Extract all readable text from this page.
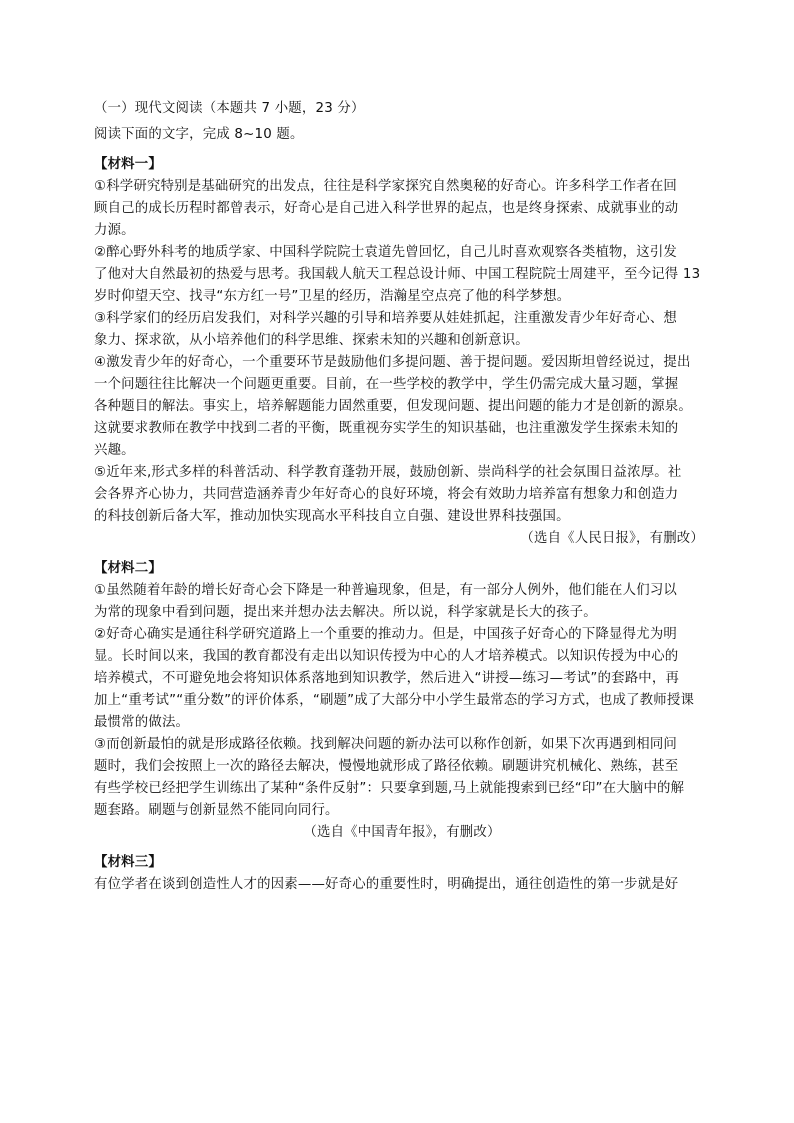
（一）现代文阅读（本题共 7 小题，23 分）
阅读下面的文字，完成 8~10 题。
【材料一】
①科学研究特别是基础研究的出发点，往往是科学家探究自然奥秘的好奇心。许多科学工作者在回
顾自己的成长历程时都曾表示，好奇心是自己进入科学世界的起点，也是终身探索、成就事业的动
力源。
②醉心野外科考的地质学家、中国科学院院士袁道先曾回忆，自己儿时喜欢观察各类植物，这引发
了他对大自然最初的热爱与思考。我国载人航天工程总设计师、中国工程院院士周建平，至今记得 13
岁时仰望天空、找寻“东方红一号”卫星的经历，浩瀚星空点亮了他的科学梦想。
③科学家们的经历启发我们，对科学兴趣的引导和培养要从娃娃抓起，注重激发青少年好奇心、想
象力、探求欲，从小培养他们的科学思维、探索未知的兴趣和创新意识。
④激发青少年的好奇心，一个重要环节是鼓励他们多提问题、善于提问题。爱因斯坦曾经说过，提出
一个问题往往比解决一个问题更重要。目前，在一些学校的教学中，学生仍需完成大量习题，掌握
各种题目的解法。事实上，培养解题能力固然重要，但发现问题、提出问题的能力才是创新的源泉。
这就要求教师在教学中找到二者的平衡，既重视夯实学生的知识基础，也注重激发学生探索未知的
兴趣。
⑤近年来,形式多样的科普活动、科学教育蓬勃开展，鼓励创新、崇尚科学的社会氛围日益浓厚。社
会各界齐心协力，共同营造涵养青少年好奇心的良好环境，将会有效助力培养富有想象力和创造力
的科技创新后备大军，推动加快实现高水平科技自立自强、建设世界科技强国。
（选自《人民日报》，有删改）
【材料二】
①虽然随着年龄的增长好奇心会下降是一种普遍现象，但是，有一部分人例外，他们能在人们习以
为常的现象中看到问题，提出来并想办法去解决。所以说，科学家就是长大的孩子。
②好奇心确实是通往科学研究道路上一个重要的推动力。但是，中国孩子好奇心的下降显得尤为明
显。长时间以来，我国的教育都没有走出以知识传授为中心的人才培养模式。以知识传授为中心的
培养模式，不可避免地会将知识体系落地到知识教学，然后进入“讲授—练习—考试”的套路中，再
加上“重考试”“重分数”的评价体系，“刷题”成了大部分中小学生最常态的学习方式，也成了教师授课
最惯常的做法。
③而创新最怕的就是形成路径依赖。找到解决问题的新办法可以称作创新，如果下次再遇到相同问
题时，我们会按照上一次的路径去解决，慢慢地就形成了路径依赖。刷题讲究机械化、熟练，甚至
有些学校已经把学生训练出了某种“条件反射”：只要拿到题,马上就能搜索到已经“印”在大脑中的解
题套路。刷题与创新显然不能同向同行。
（选自《中国青年报》，有删改）
【材料三】
有位学者在谈到创造性人才的因素——好奇心的重要性时，明确提出，通往创造性的第一步就是好
